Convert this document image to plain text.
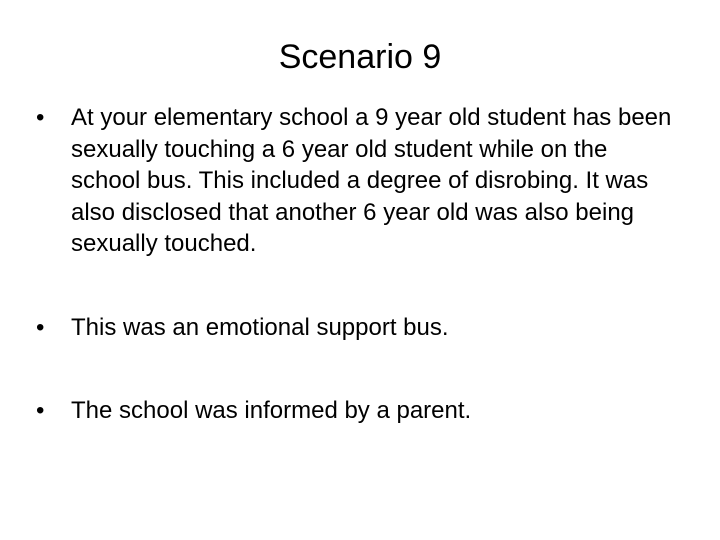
Scenario 9
•	At your elementary school a 9 year old student has been sexually touching a 6 year old student while on the school bus. This included a degree of disrobing. It was also disclosed that another 6 year old was also being sexually touched.
•	This was an emotional support bus.
•	The school was informed by a parent.
